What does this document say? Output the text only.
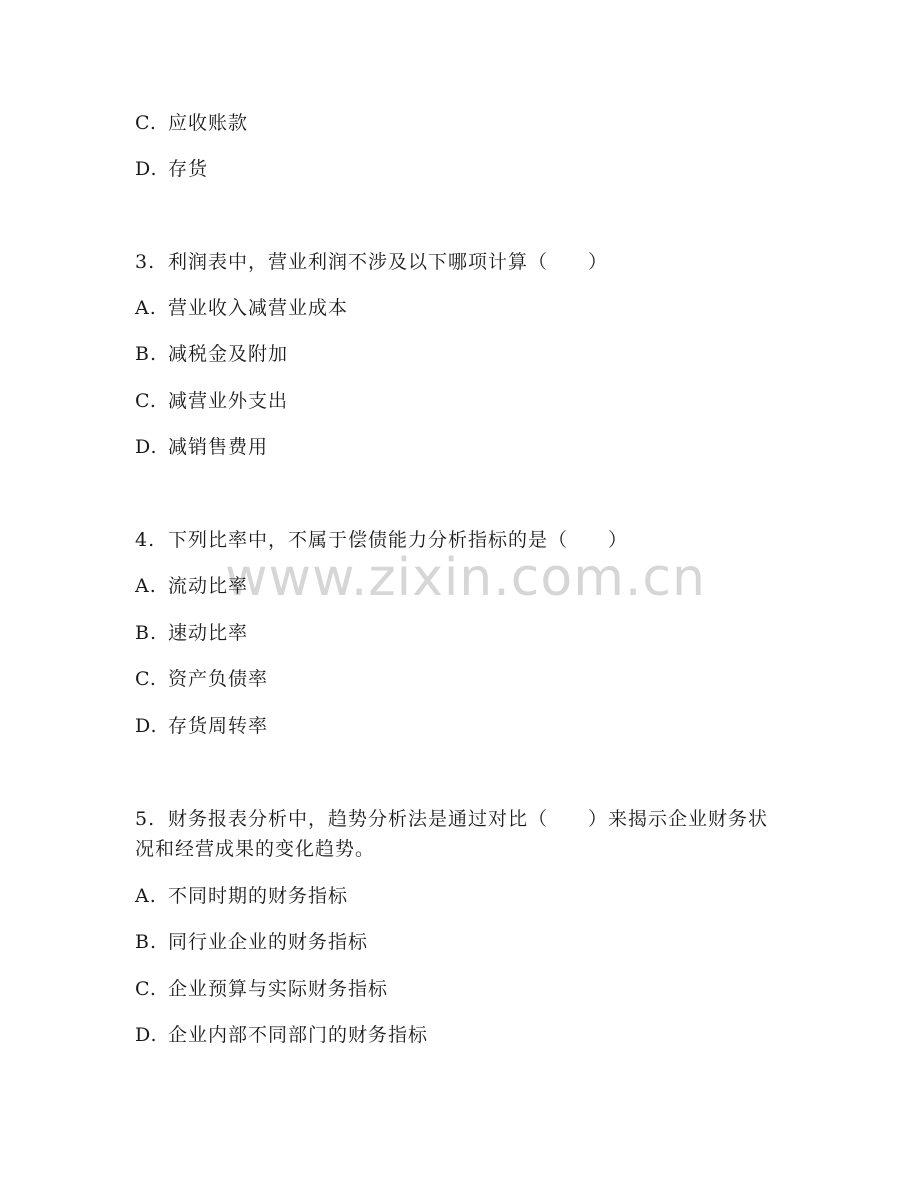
www.zixin.com.cn
C. 应收账款
D. 存货
3. 利润表中，营业利润不涉及以下哪项计算（　　）
A. 营业收入减营业成本
B. 减税金及附加
C. 减营业外支出
D. 减销售费用
4. 下列比率中，不属于偿债能力分析指标的是（　　）
A. 流动比率
B. 速动比率
C. 资产负债率
D. 存货周转率
5. 财务报表分析中，趋势分析法是通过对比（　　）来揭示企业财务状
况和经营成果的变化趋势。
A. 不同时期的财务指标
B. 同行业企业的财务指标
C. 企业预算与实际财务指标
D. 企业内部不同部门的财务指标
